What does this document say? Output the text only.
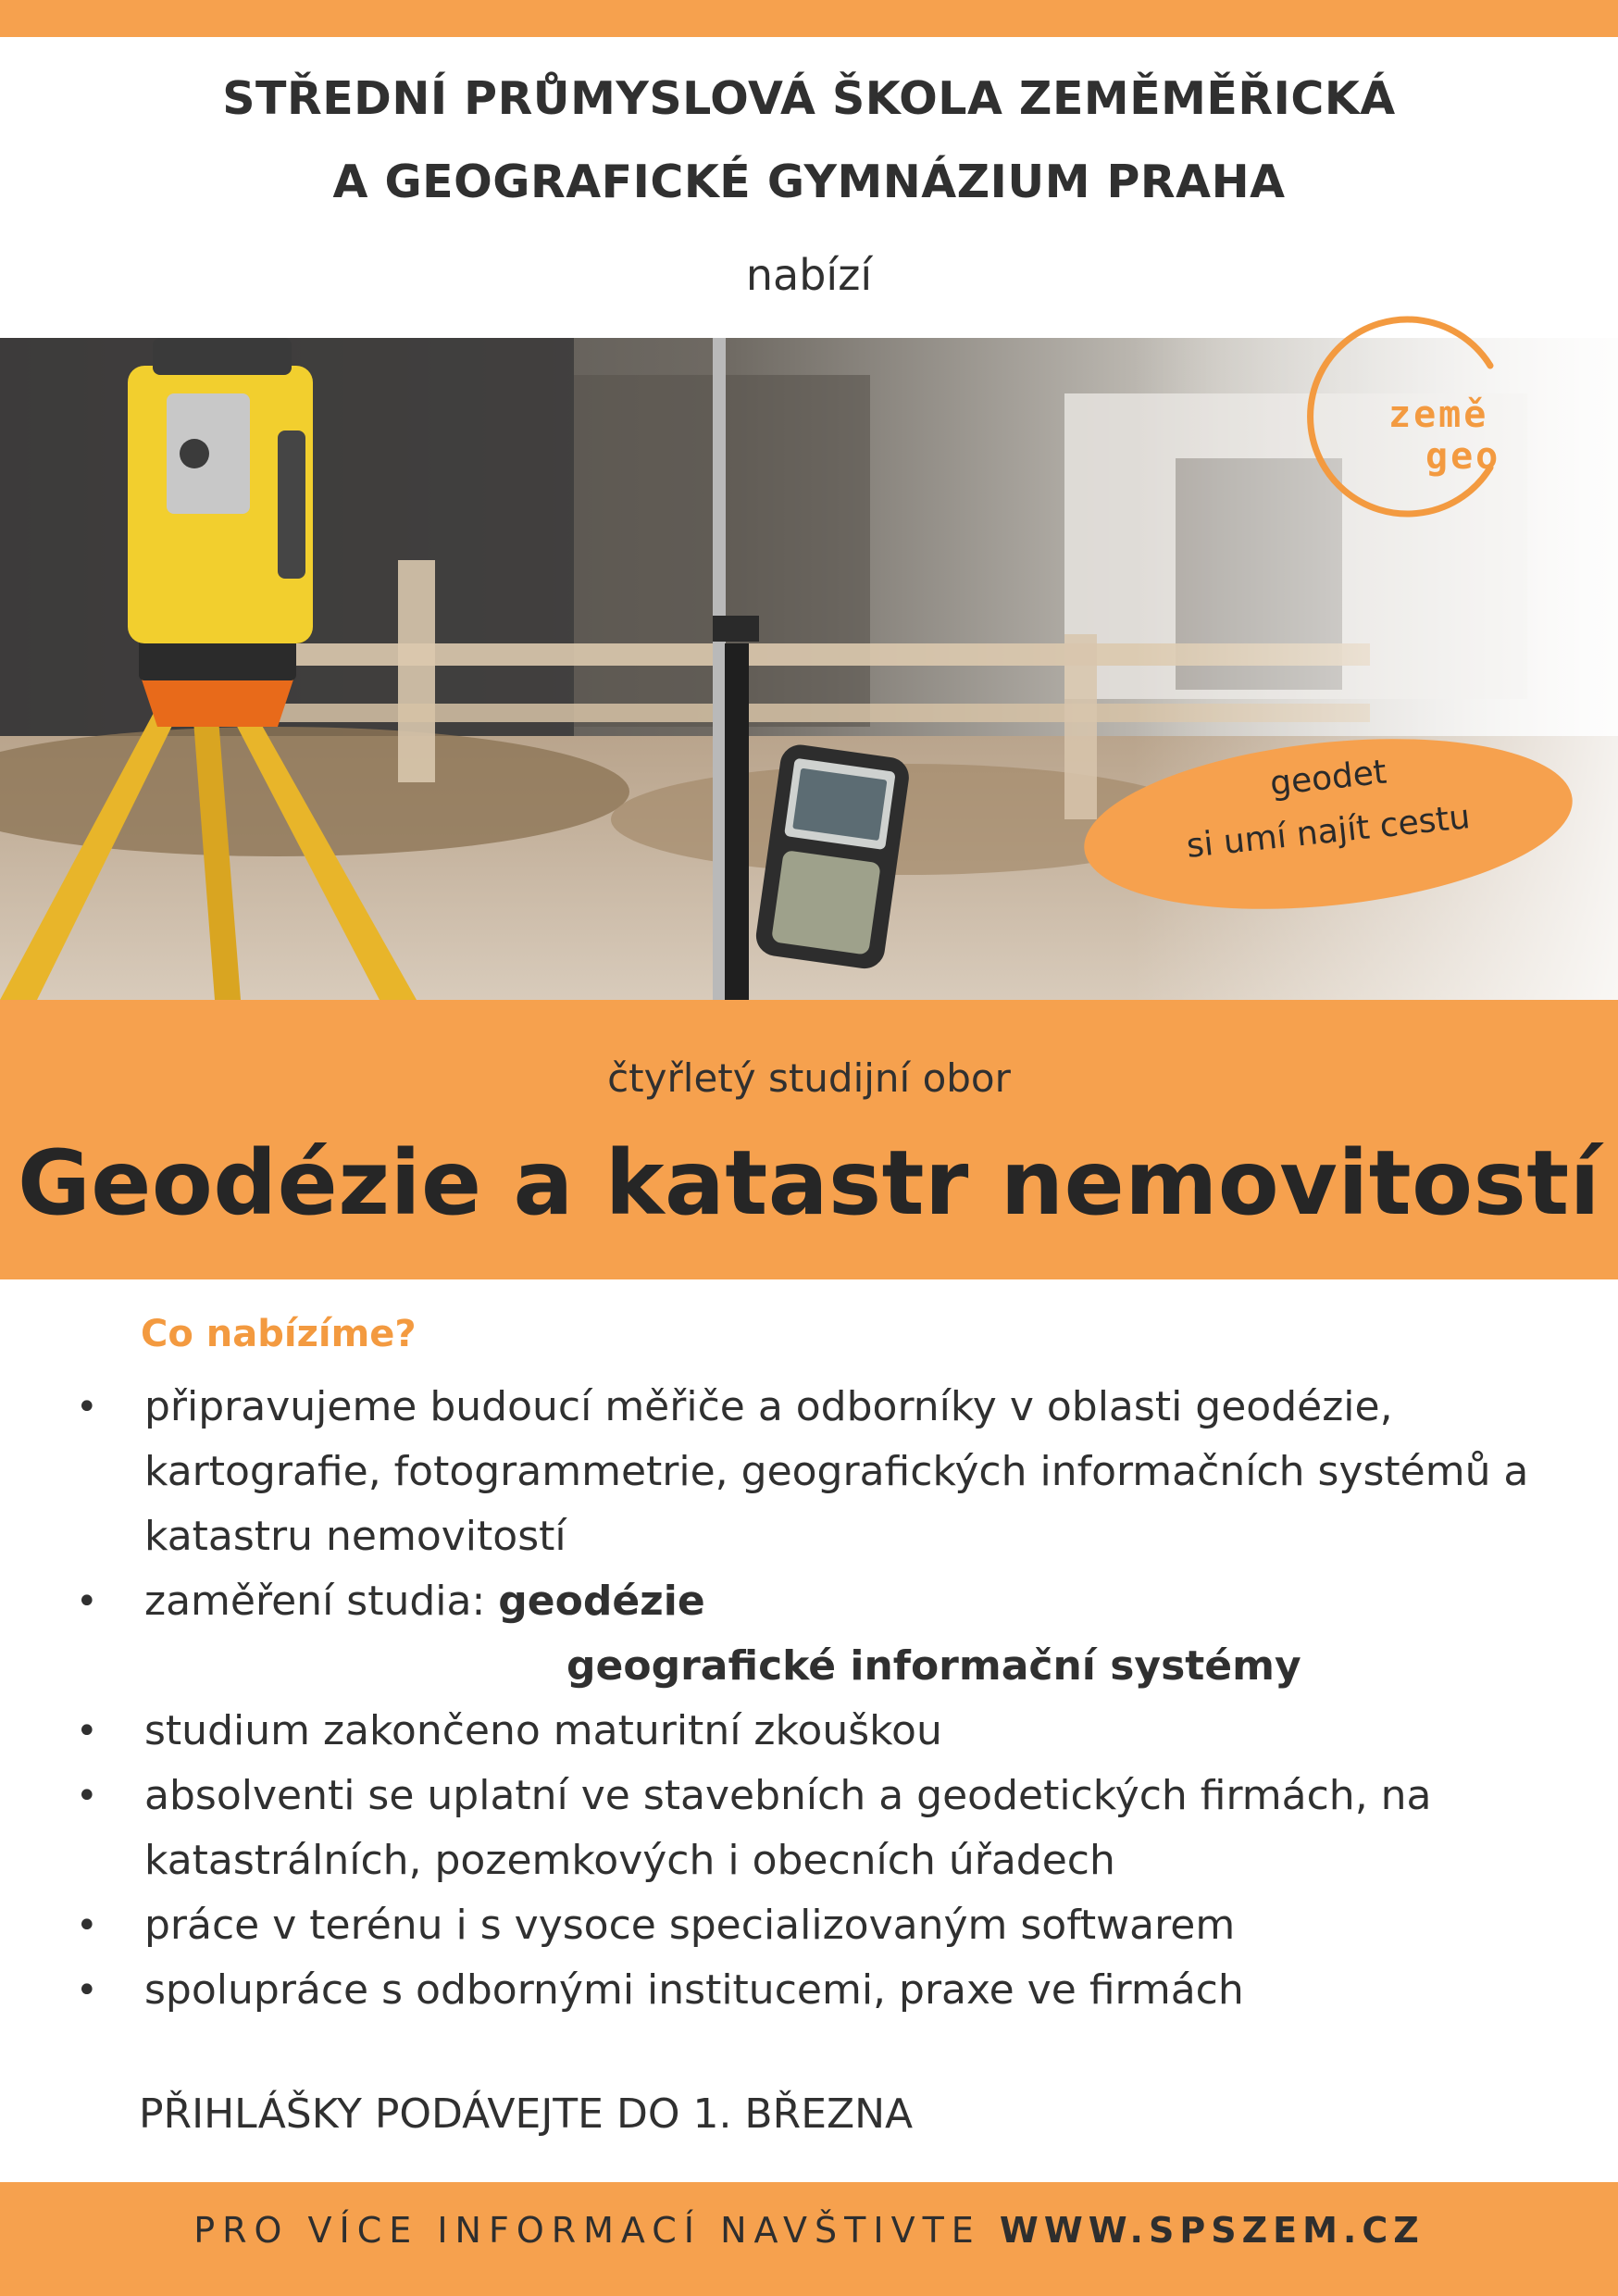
STŘEDNÍ PRŮMYSLOVÁ ŠKOLA ZEMĚMĚŘICKÁ
A GEOGRAFICKÉ GYMNÁZIUM PRAHA
nabízí
země
geo
geodet
si umí najít cestu
čtyřletý studijní obor
Geodézie a katastr nemovitostí
Co nabízíme?
• připravujeme budoucí měřiče a odborníky v oblasti geodézie, kartografie, fotogrammetrie, geografických informačních systémů a katastru nemovitostí
• zaměření studia: geodézie
geografické informační systémy
• studium zakončeno maturitní zkouškou
• absolventi se uplatní ve stavebních a geodetických firmách, na katastrálních, pozemkových i obecních úřadech
• práce v terénu i s vysoce specializovaným softwarem
• spolupráce s odbornými institucemi, praxe ve firmách
PŘIHLÁŠKY PODÁVEJTE DO 1. BŘEZNA
PRO VÍCE INFORMACÍ NAVŠTIVTE WWW.SPSZEM.CZ
